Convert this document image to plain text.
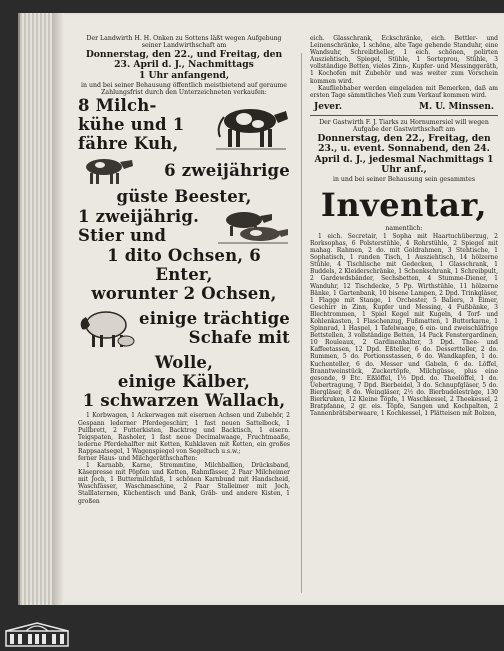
Der Landwirth H. H. Onken zu Sottens läßt wegen Aufgebung seiner Landwirthschaft am
Donnerstag, den 22., und Freitag, den 23. April d. J., Nachmittags
1 Uhr anfangend,
in und bei seiner Behausung öffentlich meistbietend auf geraume Zahlungsfrist durch den Unterzeichneten verkaufen:
8 Milch-
kühe und 1
fähre Kuh,
6 zweijährige
güste Beester,
1 zweijährig.
Stier und
1 dito Ochsen, 6 Enter,
worunter 2 Ochsen,
einige trächtige
Schafe mit
Wolle,
einige Kälber,
1 schwarzen Wallach,
1 Korbwagen, 1 Ackerwagen mit eisernen Achsen und Zubehör, 2 Gespann lederner Pferdegeschirr, 1 fast neuen Sattelbock, 1 Pullbrett, 2 Futterkisten, Backtrog und Backtisch, 1 eisern. Teigspaten, Rasholer, 1 fast neue Decimalwaage, Fruchtmaaße, lederne Pferdehalfter mit Ketten, Kuhklaven mit Ketten, ein großes Rappsaatsegel, 1 Wagenspiegel von Segeltuch u.s.w.;
ferner Haus- und Milchgeräthschaften:
1 Karnabb, Karne, Stremmtine, Milchballien, Drücksband, Käsepresse mit Pöpfen und Ketten, Rahmfässer, 2 Paar Milcheimer mit Joch, 1 Buttermilchfaß, 1 schönen Karnbund mit Handscheid, Waschfässer, Waschmaschine, 2 Paar Stalleimer mit Joch, Stalllaternen, Küchentisch und Bank, Gräb- und andere Kisten, 1 großen
eich. Glasschrank, Eckschränke, eich. Bettler- und Leinenschränke, 1 schöne, alte Tage gehende Standuhr, eine Wandsuhr, Schreibtheller, 1 eich. schönen, polirten Ausziehtisch, Spiegel, Stühle, 1 Sorteprou, Stühle, 3 vollständige Betten, vieles Zinn-, Kupfer- und Messinggeräth, 1 Kochofen mit Zubehör und was weiter zum Vorschein kommen wird.
Kaufliebhaber werden eingeladen mit Bemerken, daß am ersten Tage sämmtliches Vieh zum Verkauf kommen wird.
Jever.	M. U. Minssen.
Der Gastwirth F. J. Tiarks zu Hornumersiel will wegen Aufgabe der Gastwirthschaft am
Donnerstag, den 22., Freitag, den 23., u. event. Sonnabend, den 24. April d. J., jedesmal Nachmittags 1 Uhr anf.,
in und bei seiner Behausung sein gesammtes
Inventar,
namentlich:
1 eich. Secretair, 1 Sopha mit Haartuchüberzug, 2 Rorksophas, 6 Polsterstühle, 4 Rohrstühle, 2 Spiegel mit mahag. Rahmen, 2 do. mit Goldrahmen, 3 Stehtische, 1 Sophatisch, 1 runden Tisch, 1 Ausziehtisch, 14 hölzerne Stühle, 4 Tischlische mit Gedecken, 1 Glasschrank, 1 Buddels, 2 Kleiderschränke, 1 Schenkschrank, 1 Schreibpult, 2 Gardewdsbänder, Sechsbetten, 4 Stumme-Diener, 1 Wanduhr, 12 Tischdecke, 5 Pp. Wirthstühle, 11 hölzerne Bänke, 1 Gartenbank, 10 bisene Lampen, 2 Dpd. Trinkgläser, 1 Flagge mit Stange, 1 Orchester, 5 Baliers, 3 Eimer, Geschirr in Zinn, Kupfer und Messing, 4 Fußbänke, 3 Blechtrommen, 1 Spiel Kegel mit Kugeln, 4 Torf- und Kohlenkasten, 1 Flaschenzug, Fußmatten, 1 Butterkarne, 1 Spinnrad, 1 Haspel, 1 Tafelwaage, 6 ein- und zweischläfrige Bettstellen, 3 vollständige Betten, 14 Pack Fenstergardinen, 10 Rouleaux, 2 Gardinenhalter, 3 Dpd. Thee- und Kaffeetassen, 12 Dpd. Eßteller, 6 do. Dessertteller, 2 do. Rummen, 5 do. Portionsstassen, 6 do. Wandkapfen, 1 do. Kuchenteller, 6 do. Messer und Gabeln, 6 do. Löffel, Branntweinstück, Zuckertöpfe, Milchgüsse, plus eine gesonde, 9 Etc. Eßlöffel, 1½ Dpd. do. Theelöffel, 1 do. Uebertragung, 7 Dpd. Bierbeidel, 3 do. Schnupfgläser, 5 do. Biergläser, 8 do. Weingläser, 2½ do. Bierbudelesträge, 130 Bierkruken, 12 Kleine Töpfe, 1 Waschkessel, 2 Theekessel, 2 Bratpfanne, 2 gr. eis. Töpfe, Sangen und Kochpalten, 2 Tannenbrätsberwaare, 1 Kochkessel, 1 Plätteisen mit Bolzen,
